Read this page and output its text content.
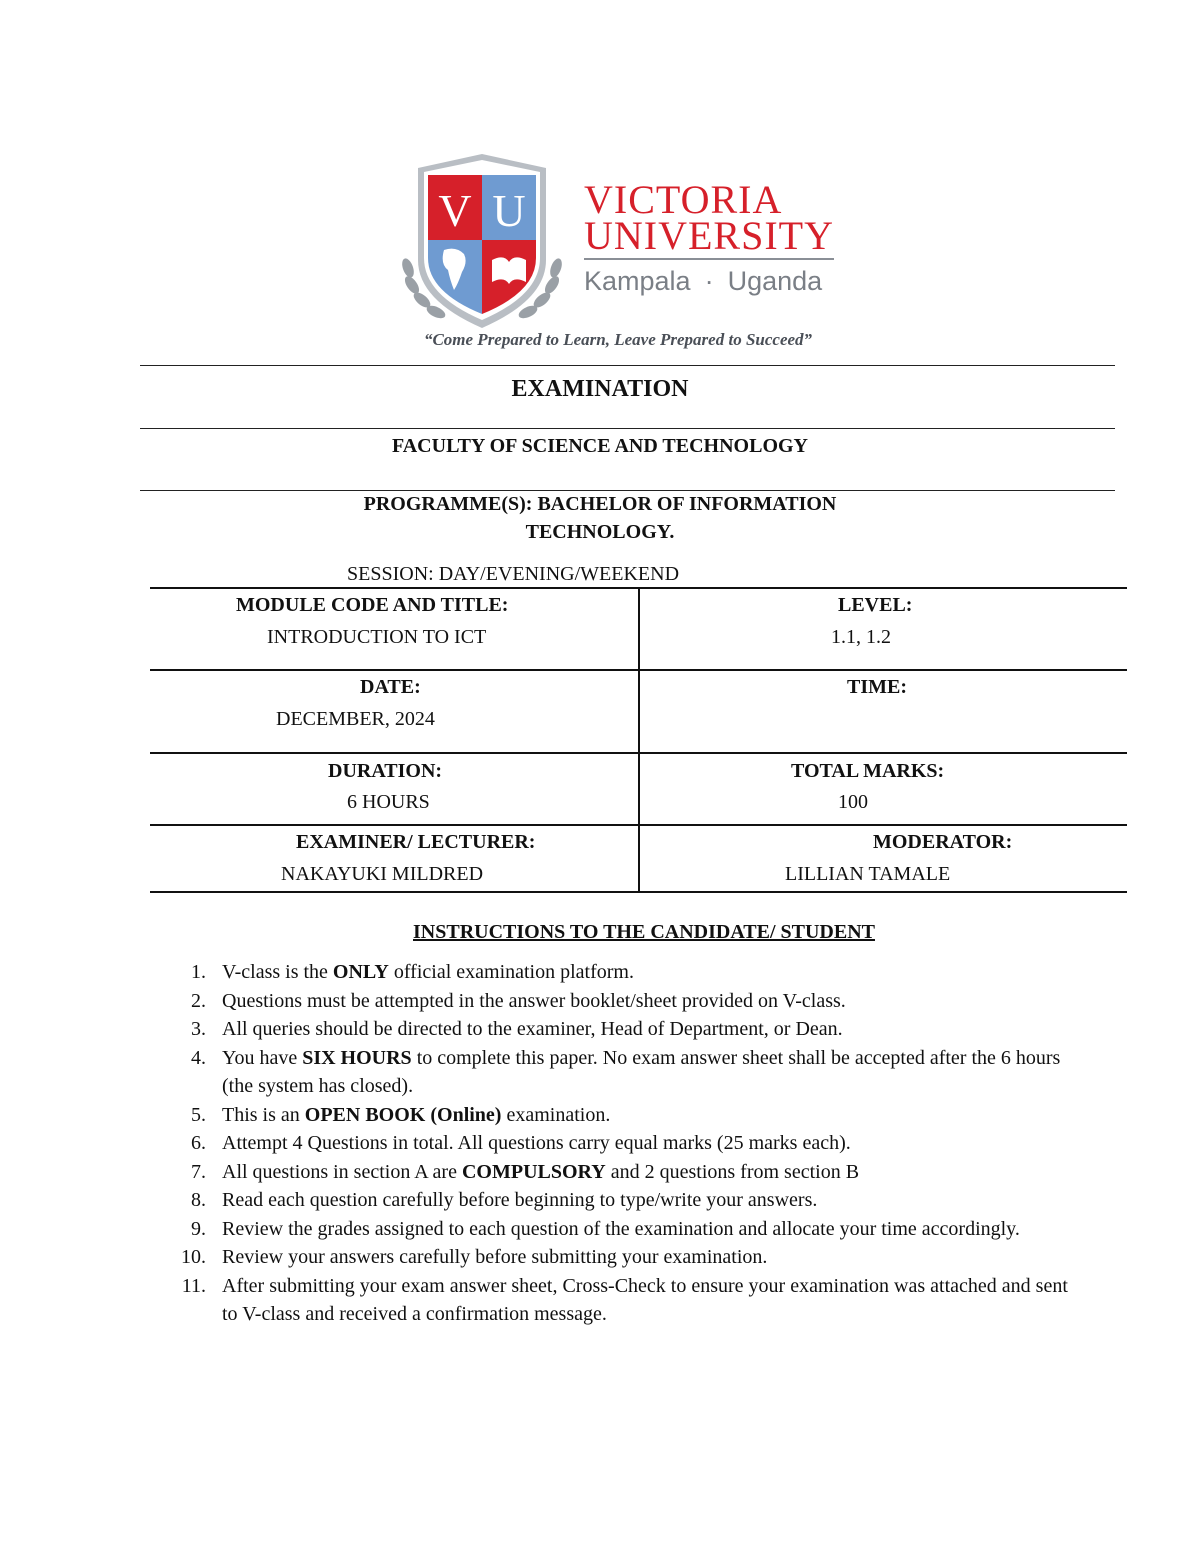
V U VICTORIA
UNIVERSITY
Kampala · Uganda
“Come Prepared to Learn, Leave Prepared to Succeed”
EXAMINATION
FACULTY OF SCIENCE AND TECHNOLOGY
PROGRAMME(S): BACHELOR OF INFORMATION
TECHNOLOGY.
SESSION: DAY/EVENING/WEEKEND
MODULE CODE AND TITLE:
INTRODUCTION TO ICT
LEVEL:
1.1, 1.2
DATE:
DECEMBER, 2024
TIME:
DURATION:
6 HOURS
TOTAL MARKS:
100
EXAMINER/ LECTURER:
NAKAYUKI MILDRED
MODERATOR:
LILLIAN TAMALE
INSTRUCTIONS TO THE CANDIDATE/ STUDENT
1. V-class is the ONLY official examination platform.
2. Questions must be attempted in the answer booklet/sheet provided on V-class.
3. All queries should be directed to the examiner, Head of Department, or Dean.
4. You have SIX HOURS to complete this paper. No exam answer sheet shall be accepted after the 6 hours (the system has closed).
5. This is an OPEN BOOK (Online) examination.
6. Attempt 4 Questions in total. All questions carry equal marks (25 marks each).
7. All questions in section A are COMPULSORY and 2 questions from section B
8. Read each question carefully before beginning to type/write your answers.
9. Review the grades assigned to each question of the examination and allocate your time accordingly.
10. Review your answers carefully before submitting your examination.
11. After submitting your exam answer sheet, Cross-Check to ensure your examination was attached and sent to V-class and received a confirmation message.
